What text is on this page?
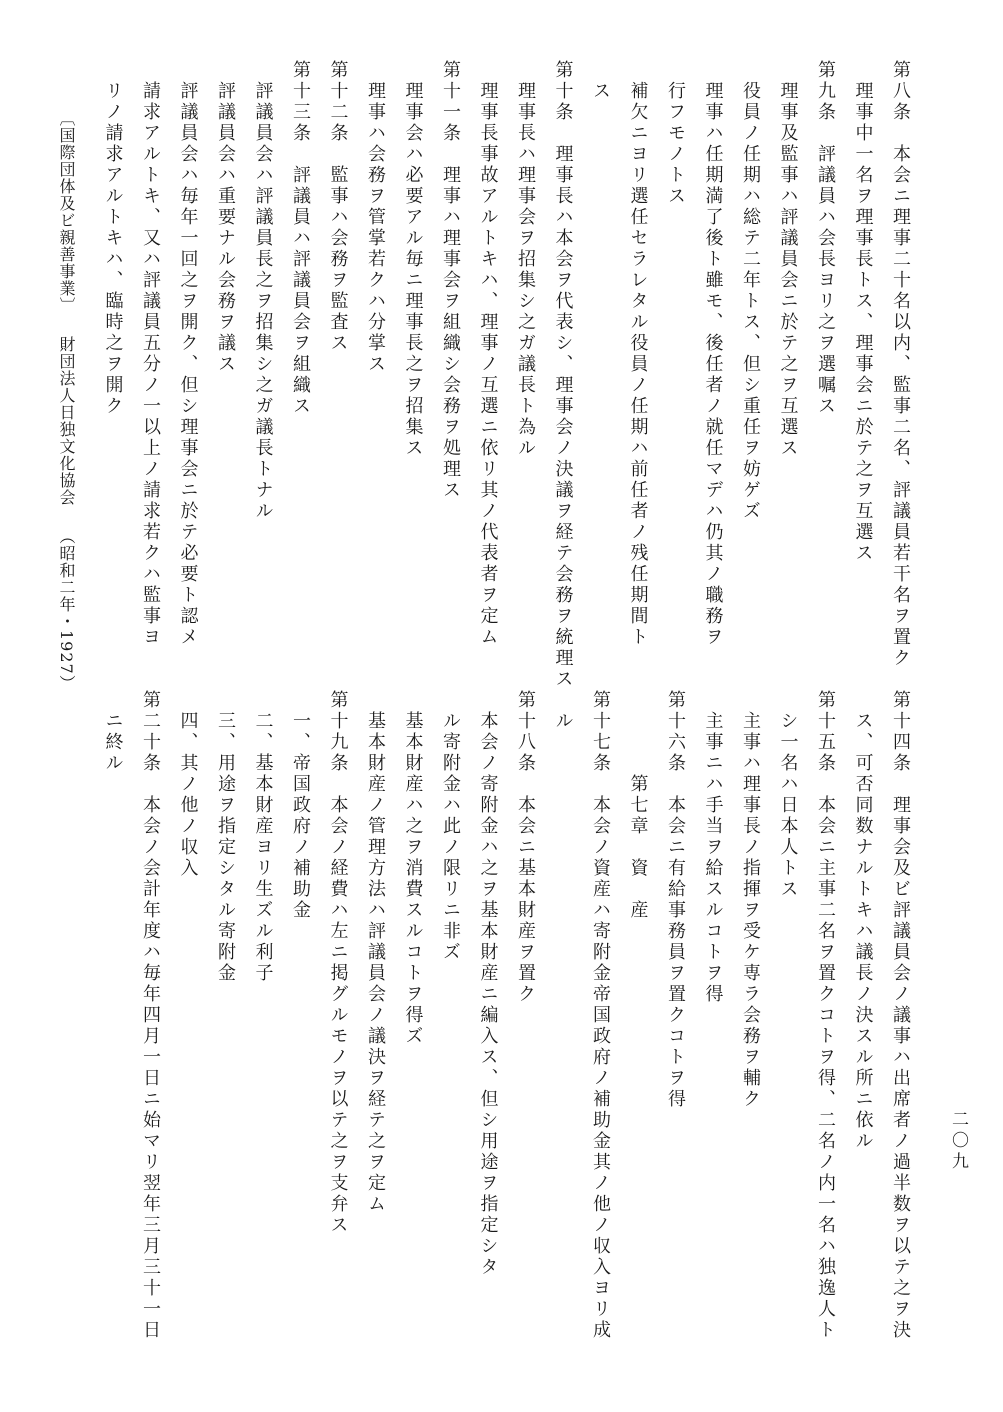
第八条　本会ニ理事二十名以内、監事二名、評議員若干名ヲ置ク
　理事中一名ヲ理事長トス、理事会ニ於テ之ヲ互選ス
第九条　評議員ハ会長ヨリ之ヲ選嘱ス
　理事及監事ハ評議員会ニ於テ之ヲ互選ス
　役員ノ任期ハ総テ二年トス、但シ重任ヲ妨ゲズ
　理事ハ任期満了後ト雖モ、後任者ノ就任マデハ仍其ノ職務ヲ
　行フモノトス
　補欠ニヨリ選任セラレタル役員ノ任期ハ前任者ノ残任期間ト
　ス
第十条　理事長ハ本会ヲ代表シ、理事会ノ決議ヲ経テ会務ヲ統理ス
　理事長ハ理事会ヲ招集シ之ガ議長ト為ル
　理事長事故アルトキハ、理事ノ互選ニ依リ其ノ代表者ヲ定ム
第十一条　理事ハ理事会ヲ組織シ会務ヲ処理ス
　理事会ハ必要アル毎ニ理事長之ヲ招集ス
　理事ハ会務ヲ管掌若クハ分掌ス
第十二条　監事ハ会務ヲ監査ス
第十三条　評議員ハ評議員会ヲ組織ス
　評議員会ハ評議員長之ヲ招集シ之ガ議長トナル
　評議員会ハ重要ナル会務ヲ議ス
　評議員会ハ毎年一回之ヲ開ク、但シ理事会ニ於テ必要ト認メ
　請求アルトキ、又ハ評議員五分ノ一以上ノ請求若クハ監事ヨ
　リノ請求アルトキハ、臨時之ヲ開ク
第十四条　理事会及ビ評議員会ノ議事ハ出席者ノ過半数ヲ以テ之ヲ決
　ス、可否同数ナルトキハ議長ノ決スル所ニ依ル
第十五条　本会ニ主事二名ヲ置クコトヲ得、二名ノ内一名ハ独逸人ト
　シ一名ハ日本人トス
　主事ハ理事長ノ指揮ヲ受ケ専ラ会務ヲ輔ク
　主事ニハ手当ヲ給スルコトヲ得
第十六条　本会ニ有給事務員ヲ置クコトヲ得
　　　　第七章　資　産
第十七条　本会ノ資産ハ寄附金帝国政府ノ補助金其ノ他ノ収入ヨリ成
　ル
第十八条　本会ニ基本財産ヲ置ク
　本会ノ寄附金ハ之ヲ基本財産ニ編入ス、但シ用途ヲ指定シタ
　ル寄附金ハ此ノ限リニ非ズ
　基本財産ハ之ヲ消費スルコトヲ得ズ
　基本財産ノ管理方法ハ評議員会ノ議決ヲ経テ之ヲ定ム
第十九条　本会ノ経費ハ左ニ掲グルモノヲ以テ之ヲ支弁ス
　一、帝国政府ノ補助金
　二、基本財産ヨリ生ズル利子
　三、用途ヲ指定シタル寄附金
　四、其ノ他ノ収入
第二十条　本会ノ会計年度ハ毎年四月一日ニ始マリ翌年三月三十一日
　ニ終ル
〔国際団体及ビ親善事業〕 財団法人日独文化協会 （昭和二年・1927）
二〇九
